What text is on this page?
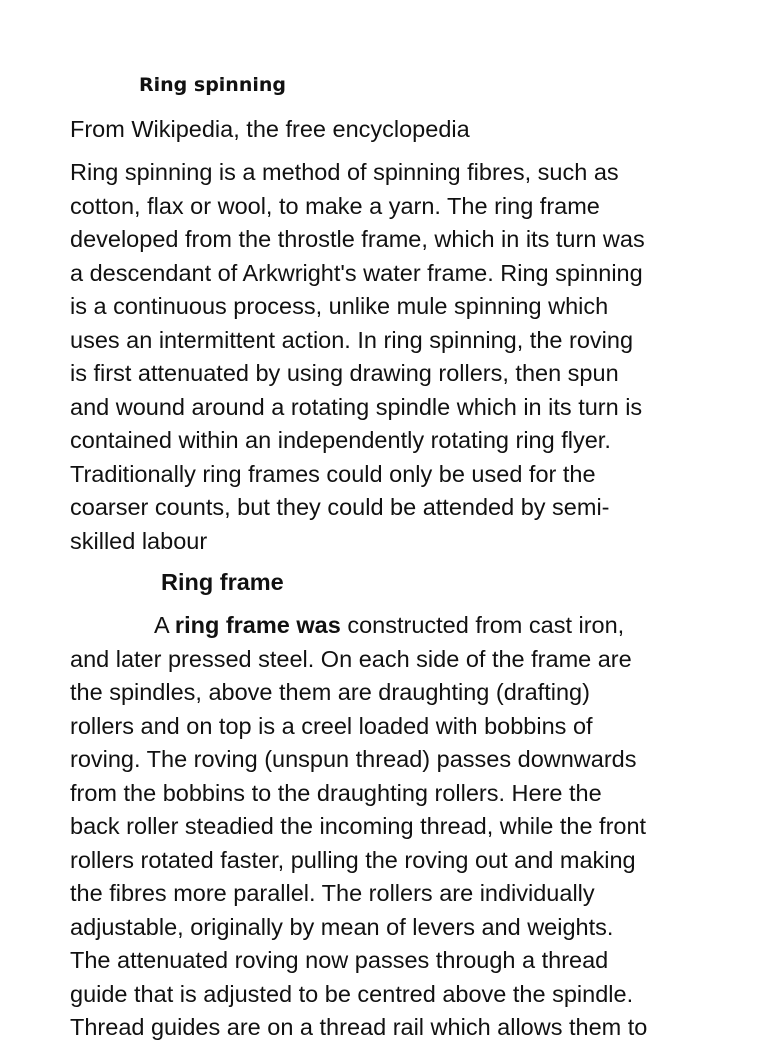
Ring spinning

From Wikipedia, the free encyclopedia

Ring spinning is a method of spinning fibres, such as
cotton, flax or wool, to make a yarn. The ring frame
developed from the throstle frame, which in its turn was
a descendant of Arkwright's water frame. Ring spinning
is a continuous process, unlike mule spinning which
uses an intermittent action. In ring spinning, the roving
is first attenuated by using drawing rollers, then spun
and wound around a rotating spindle which in its turn is
contained within an independently rotating ring flyer.
Traditionally ring frames could only be used for the
coarser counts, but they could be attended by semi-
skilled labour

Ring frame

A ring frame was constructed from cast iron,
and later pressed steel. On each side of the frame are
the spindles, above them are draughting (drafting)
rollers and on top is a creel loaded with bobbins of
roving. The roving (unspun thread) passes downwards
from the bobbins to the draughting rollers. Here the
back roller steadied the incoming thread, while the front
rollers rotated faster, pulling the roving out and making
the fibres more parallel. The rollers are individually
adjustable, originally by mean of levers and weights.
The attenuated roving now passes through a thread
guide that is adjusted to be centred above the spindle.
Thread guides are on a thread rail which allows them to
